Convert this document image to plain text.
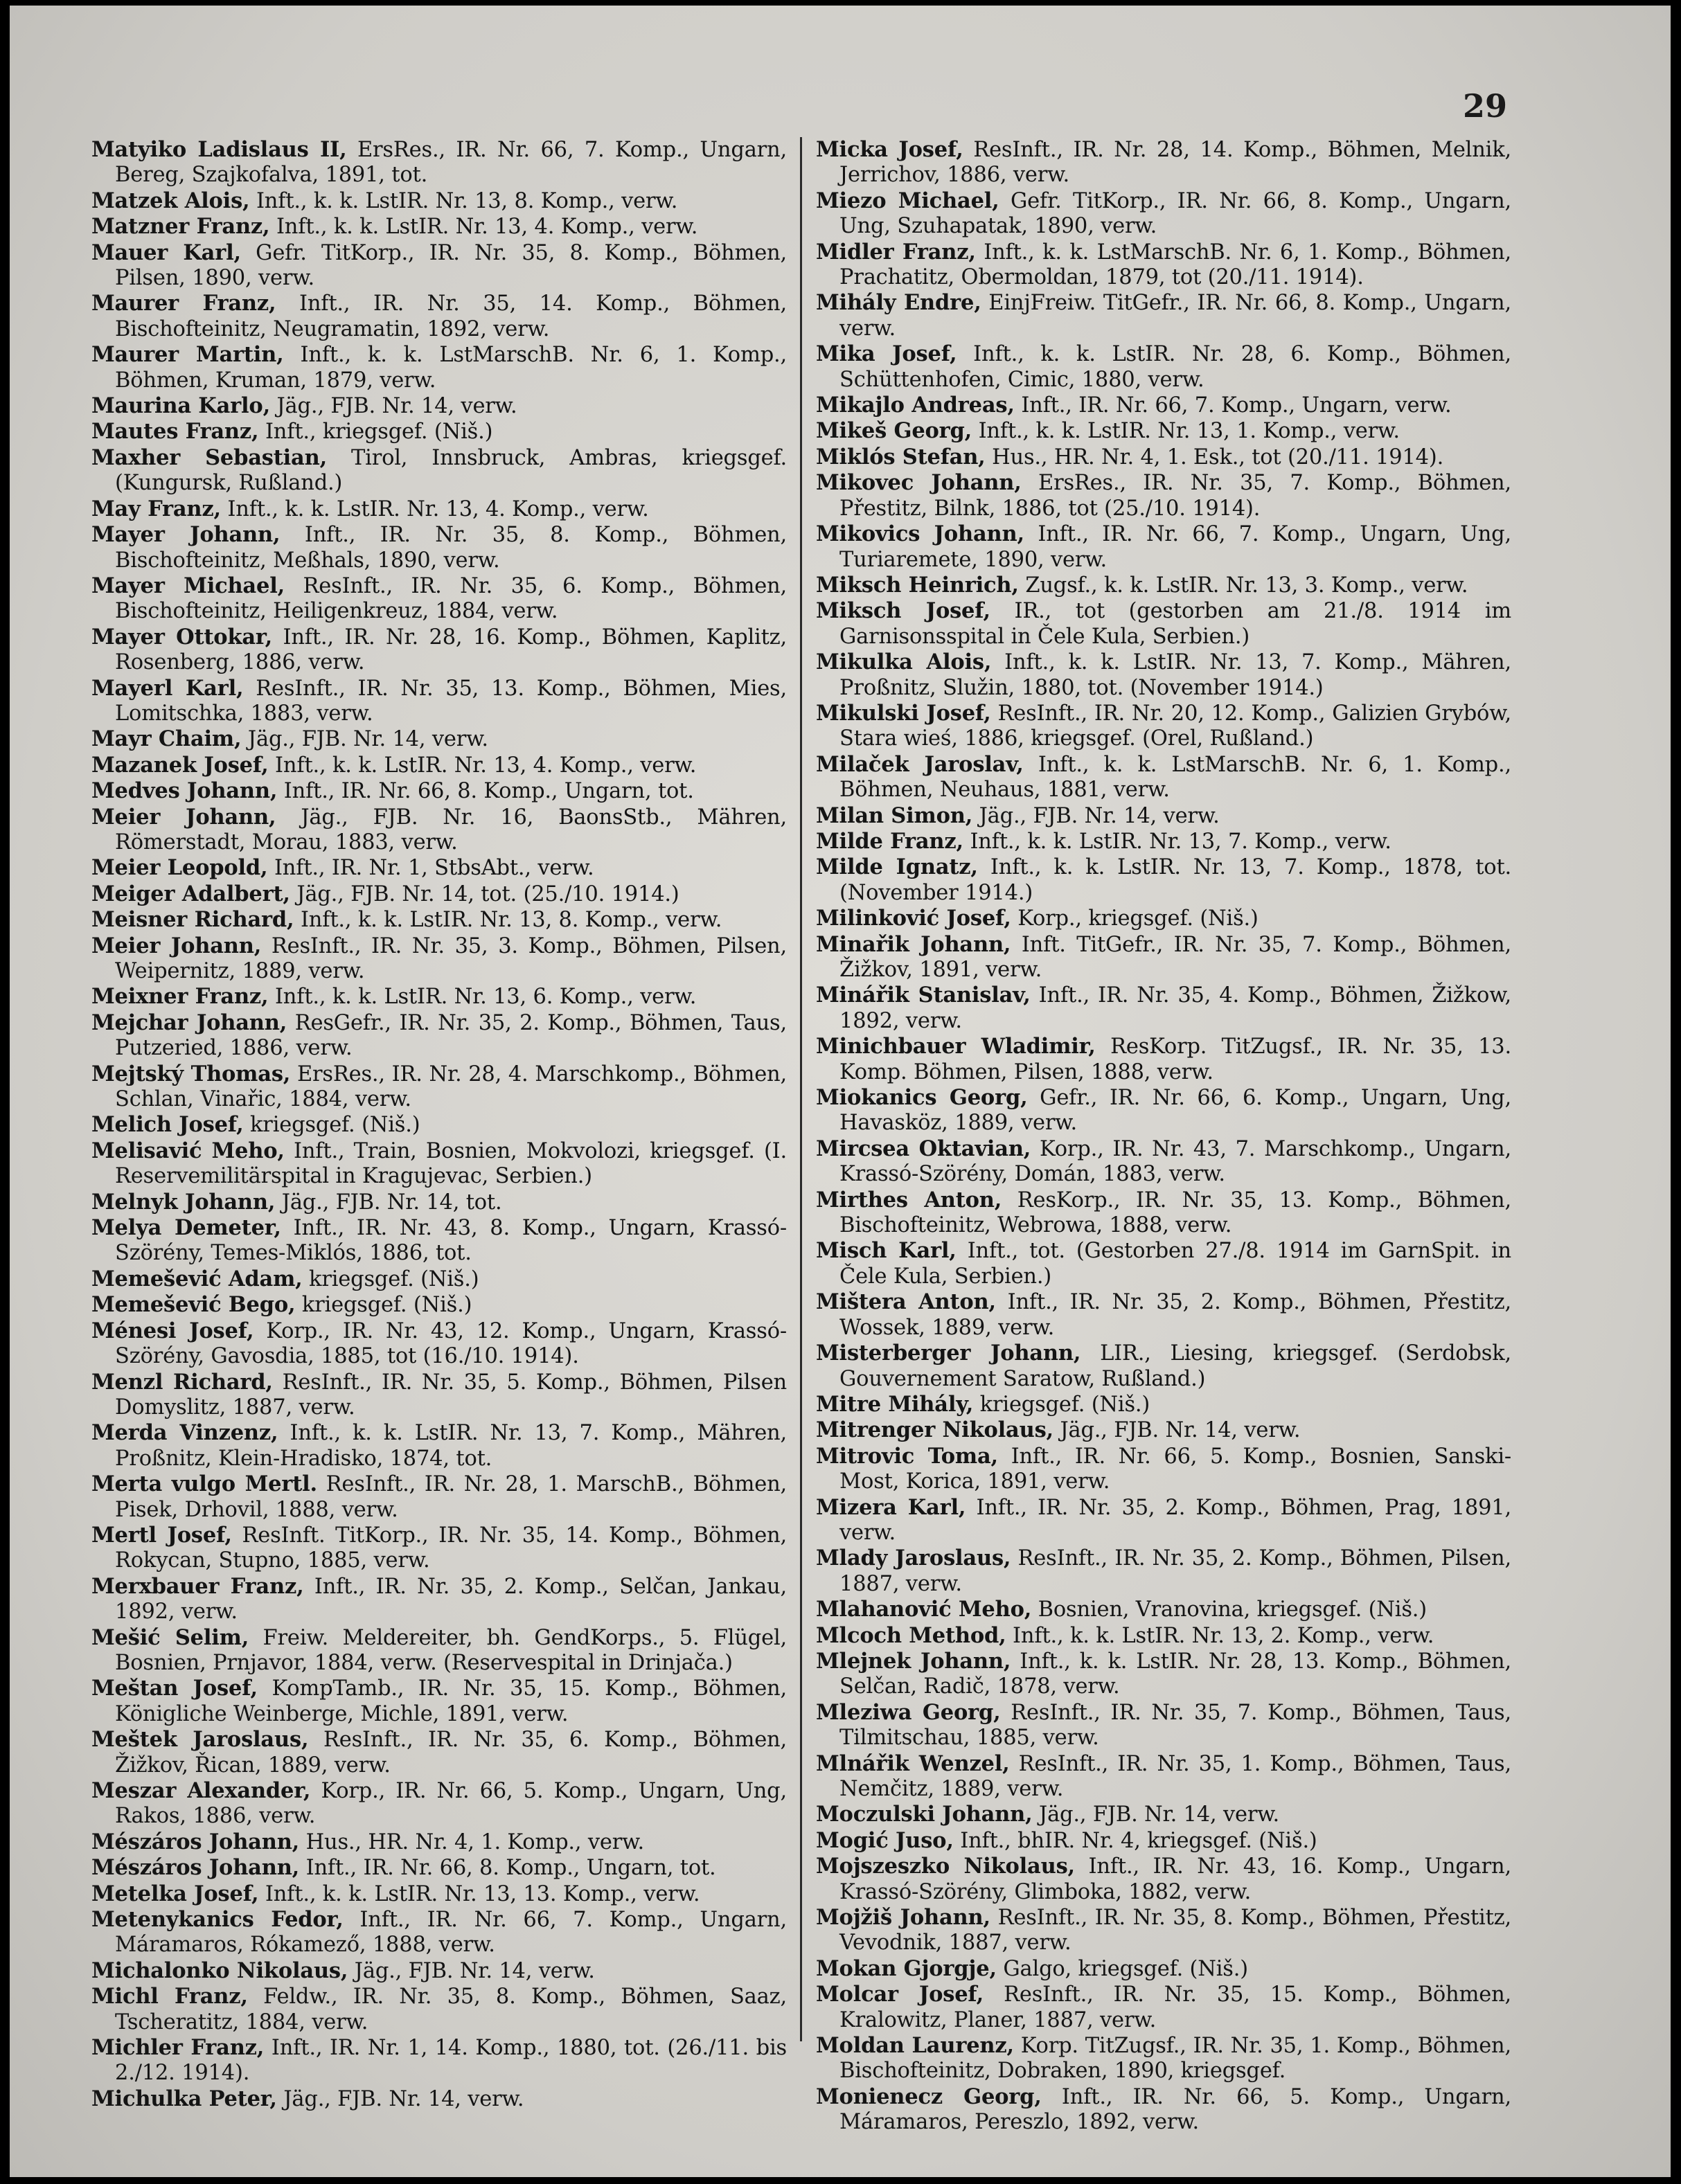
29

Matyiko Ladislaus II, ErsRes., IR. Nr. 66, 7. Komp., Ungarn, Bereg, Szajkofalva, 1891, tot.

Matzek Alois, Inft., k. k. LstIR. Nr. 13, 8. Komp., verw.

Matzner Franz, Inft., k. k. LstIR. Nr. 13, 4. Komp., verw.

Mauer Karl, Gefr. TitKorp., IR. Nr. 35, 8. Komp., Böhmen, Pilsen, 1890, verw.

Maurer Franz, Inft., IR. Nr. 35, 14. Komp., Böhmen, Bischofteinitz, Neugramatin, 1892, verw.

Maurer Martin, Inft., k. k. LstMarschB. Nr. 6, 1. Komp., Böhmen, Kruman, 1879, verw.

Maurina Karlo, Jäg., FJB. Nr. 14, verw.

Mautes Franz, Inft., kriegsgef. (Niš.)

Maxher Sebastian, Tirol, Innsbruck, Ambras, kriegsgef. (Kungursk, Rußland.)

May Franz, Inft., k. k. LstIR. Nr. 13, 4. Komp., verw.

Mayer Johann, Inft., IR. Nr. 35, 8. Komp., Böhmen, Bischofteinitz, Meßhals, 1890, verw.

Mayer Michael, ResInft., IR. Nr. 35, 6. Komp., Böhmen, Bischofteinitz, Heiligenkreuz, 1884, verw.

Mayer Ottokar, Inft., IR. Nr. 28, 16. Komp., Böhmen, Kaplitz, Rosenberg, 1886, verw.

Mayerl Karl, ResInft., IR. Nr. 35, 13. Komp., Böhmen, Mies, Lomitschka, 1883, verw.

Mayr Chaim, Jäg., FJB. Nr. 14, verw.

Mazanek Josef, Inft., k. k. LstIR. Nr. 13, 4. Komp., verw.

Medves Johann, Inft., IR. Nr. 66, 8. Komp., Ungarn, tot.

Meier Johann, Jäg., FJB. Nr. 16, BaonsStb., Mähren, Römerstadt, Morau, 1883, verw.

Meier Leopold, Inft., IR. Nr. 1, StbsAbt., verw.

Meiger Adalbert, Jäg., FJB. Nr. 14, tot. (25./10. 1914.)

Meisner Richard, Inft., k. k. LstIR. Nr. 13, 8. Komp., verw.

Meier Johann, ResInft., IR. Nr. 35, 3. Komp., Böhmen, Pilsen, Weipernitz, 1889, verw.

Meixner Franz, Inft., k. k. LstIR. Nr. 13, 6. Komp., verw.

Mejchar Johann, ResGefr., IR. Nr. 35, 2. Komp., Böhmen, Taus, Putzeried, 1886, verw.

Mejtský Thomas, ErsRes., IR. Nr. 28, 4. Marschkomp., Böhmen, Schlan, Vinařic, 1884, verw.

Melich Josef, kriegsgef. (Niš.)

Melisavić Meho, Inft., Train, Bosnien, Mokvolozi, kriegsgef. (I. Reservemilitärspital in Kragujevac, Serbien.)

Melnyk Johann, Jäg., FJB. Nr. 14, tot.

Melya Demeter, Inft., IR. Nr. 43, 8. Komp., Ungarn, Krassó-Szörény, Temes-Miklós, 1886, tot.

Memešević Adam, kriegsgef. (Niš.)

Memešević Bego, kriegsgef. (Niš.)

Ménesi Josef, Korp., IR. Nr. 43, 12. Komp., Ungarn, Krassó-Szörény, Gavosdia, 1885, tot (16./10. 1914).

Menzl Richard, ResInft., IR. Nr. 35, 5. Komp., Böhmen, Pilsen Domyslitz, 1887, verw.

Merda Vinzenz, Inft., k. k. LstIR. Nr. 13, 7. Komp., Mähren, Proßnitz, Klein-Hradisko, 1874, tot.

Merta vulgo Mertl. ResInft., IR. Nr. 28, 1. MarschB., Böhmen, Pisek, Drhovil, 1888, verw.

Mertl Josef, ResInft. TitKorp., IR. Nr. 35, 14. Komp., Böhmen, Rokycan, Stupno, 1885, verw.

Merxbauer Franz, Inft., IR. Nr. 35, 2. Komp., Selčan, Jankau, 1892, verw.

Mešić Selim, Freiw. Meldereiter, bh. GendKorps., 5. Flügel, Bosnien, Prnjavor, 1884, verw. (Reservespital in Drinjača.)

Meštan Josef, KompTamb., IR. Nr. 35, 15. Komp., Böhmen, Königliche Weinberge, Michle, 1891, verw.

Meštek Jaroslaus, ResInft., IR. Nr. 35, 6. Komp., Böhmen, Žižkov, Řican, 1889, verw.

Meszar Alexander, Korp., IR. Nr. 66, 5. Komp., Ungarn, Ung, Rakos, 1886, verw.

Mészáros Johann, Hus., HR. Nr. 4, 1. Komp., verw.

Mészáros Johann, Inft., IR. Nr. 66, 8. Komp., Ungarn, tot.

Metelka Josef, Inft., k. k. LstIR. Nr. 13, 13. Komp., verw.

Metenykanics Fedor, Inft., IR. Nr. 66, 7. Komp., Ungarn, Máramaros, Rókamező, 1888, verw.

Michalonko Nikolaus, Jäg., FJB. Nr. 14, verw.

Michl Franz, Feldw., IR. Nr. 35, 8. Komp., Böhmen, Saaz, Tscheratitz, 1884, verw.

Michler Franz, Inft., IR. Nr. 1, 14. Komp., 1880, tot. (26./11. bis 2./12. 1914).

Michulka Peter, Jäg., FJB. Nr. 14, verw.

Micka Josef, ResInft., IR. Nr. 28, 14. Komp., Böhmen, Melnik, Jerrichov, 1886, verw.

Miezo Michael, Gefr. TitKorp., IR. Nr. 66, 8. Komp., Ungarn, Ung, Szuhapatak, 1890, verw.

Midler Franz, Inft., k. k. LstMarschB. Nr. 6, 1. Komp., Böhmen, Prachatitz, Obermoldan, 1879, tot (20./11. 1914).

Mihály Endre, EinjFreiw. TitGefr., IR. Nr. 66, 8. Komp., Ungarn, verw.

Mika Josef, Inft., k. k. LstIR. Nr. 28, 6. Komp., Böhmen, Schüttenhofen, Cimic, 1880, verw.

Mikajlo Andreas, Inft., IR. Nr. 66, 7. Komp., Ungarn, verw.

Mikeš Georg, Inft., k. k. LstIR. Nr. 13, 1. Komp., verw.

Miklós Stefan, Hus., HR. Nr. 4, 1. Esk., tot (20./11. 1914).

Mikovec Johann, ErsRes., IR. Nr. 35, 7. Komp., Böhmen, Přestitz, Bilnk, 1886, tot (25./10. 1914).

Mikovics Johann, Inft., IR. Nr. 66, 7. Komp., Ungarn, Ung, Turiaremete, 1890, verw.

Miksch Heinrich, Zugsf., k. k. LstIR. Nr. 13, 3. Komp., verw.

Miksch Josef, IR., tot (gestorben am 21./8. 1914 im Garnisonsspital in Čele Kula, Serbien.)

Mikulka Alois, Inft., k. k. LstIR. Nr. 13, 7. Komp., Mähren, Proßnitz, Služin, 1880, tot. (November 1914.)

Mikulski Josef, ResInft., IR. Nr. 20, 12. Komp., Galizien Grybów, Stara wieś, 1886, kriegsgef. (Orel, Rußland.)

Milaček Jaroslav, Inft., k. k. LstMarschB. Nr. 6, 1. Komp., Böhmen, Neuhaus, 1881, verw.

Milan Simon, Jäg., FJB. Nr. 14, verw.

Milde Franz, Inft., k. k. LstIR. Nr. 13, 7. Komp., verw.

Milde Ignatz, Inft., k. k. LstIR. Nr. 13, 7. Komp., 1878, tot. (November 1914.)

Milinković Josef, Korp., kriegsgef. (Niš.)

Minařik Johann, Inft. TitGefr., IR. Nr. 35, 7. Komp., Böhmen, Žižkov, 1891, verw.

Minářik Stanislav, Inft., IR. Nr. 35, 4. Komp., Böhmen, Žižkow, 1892, verw.

Minichbauer Wladimir, ResKorp. TitZugsf., IR. Nr. 35, 13. Komp. Böhmen, Pilsen, 1888, verw.

Miokanics Georg, Gefr., IR. Nr. 66, 6. Komp., Ungarn, Ung, Havasköz, 1889, verw.

Mircsea Oktavian, Korp., IR. Nr. 43, 7. Marschkomp., Ungarn, Krassó-Szörény, Domán, 1883, verw.

Mirthes Anton, ResKorp., IR. Nr. 35, 13. Komp., Böhmen, Bischofteinitz, Webrowa, 1888, verw.

Misch Karl, Inft., tot. (Gestorben 27./8. 1914 im GarnSpit. in Čele Kula, Serbien.)

Mištera Anton, Inft., IR. Nr. 35, 2. Komp., Böhmen, Přestitz, Wossek, 1889, verw.

Misterberger Johann, LIR., Liesing, kriegsgef. (Serdobsk, Gouvernement Saratow, Rußland.)

Mitre Mihály, kriegsgef. (Niš.)

Mitrenger Nikolaus, Jäg., FJB. Nr. 14, verw.

Mitrovic Toma, Inft., IR. Nr. 66, 5. Komp., Bosnien, Sanski-Most, Korica, 1891, verw.

Mizera Karl, Inft., IR. Nr. 35, 2. Komp., Böhmen, Prag, 1891, verw.

Mlady Jaroslaus, ResInft., IR. Nr. 35, 2. Komp., Böhmen, Pilsen, 1887, verw.

Mlahanović Meho, Bosnien, Vranovina, kriegsgef. (Niš.)

Mlcoch Method, Inft., k. k. LstIR. Nr. 13, 2. Komp., verw.

Mlejnek Johann, Inft., k. k. LstIR. Nr. 28, 13. Komp., Böhmen, Selčan, Radič, 1878, verw.

Mleziwa Georg, ResInft., IR. Nr. 35, 7. Komp., Böhmen, Taus, Tilmitschau, 1885, verw.

Mlnářik Wenzel, ResInft., IR. Nr. 35, 1. Komp., Böhmen, Taus, Nemčitz, 1889, verw.

Moczulski Johann, Jäg., FJB. Nr. 14, verw.

Mogić Juso, Inft., bhIR. Nr. 4, kriegsgef. (Niš.)

Mojszeszko Nikolaus, Inft., IR. Nr. 43, 16. Komp., Ungarn, Krassó-Szörény, Glimboka, 1882, verw.

Mojžiš Johann, ResInft., IR. Nr. 35, 8. Komp., Böhmen, Přestitz, Vevodnik, 1887, verw.

Mokan Gjorgje, Galgo, kriegsgef. (Niš.)

Molcar Josef, ResInft., IR. Nr. 35, 15. Komp., Böhmen, Kralowitz, Planer, 1887, verw.

Moldan Laurenz, Korp. TitZugsf., IR. Nr. 35, 1. Komp., Böhmen, Bischofteinitz, Dobraken, 1890, kriegsgef.

Monienecz Georg, Inft., IR. Nr. 66, 5. Komp., Ungarn, Máramaros, Pereszlo, 1892, verw.
